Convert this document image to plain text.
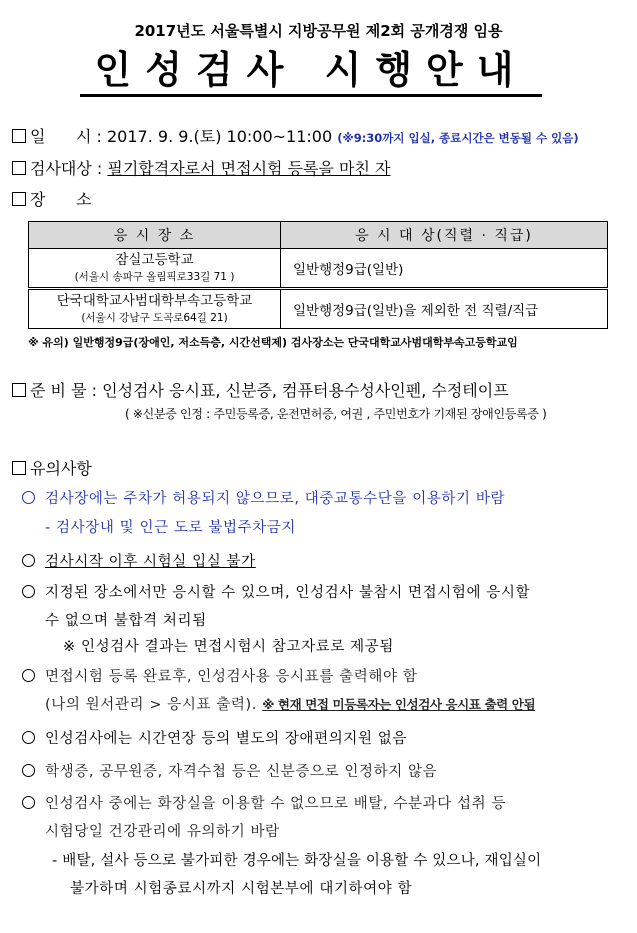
2017년도 서울특별시 지방공무원 제2회 공개경쟁 임용
인성검사 시행안내
일      시 : 2017. 9. 9.(토) 10:00~11:00 (※9:30까지 입실, 종료시간은 변동될 수 있음)
검사대상 : 필기합격자로서 면접시험 등록을 마친 자
장      소
응 시 장 소	응 시 대 상(직렬 · 직급)
잠실고등학교
(서울시 송파구 올림픽로33길 71 )	일반행정9급(일반)
단국대학교사범대학부속고등학교
(서울시 강남구 도곡로64길 21)	일반행정9급(일반)을 제외한 전 직렬/직급
※ 유의) 일반행정9급(장애인, 저소득층, 시간선택제) 검사장소는 단국대학교사범대학부속고등학교임
준 비 물 : 인성검사 응시표, 신분증, 컴퓨터용수성사인펜, 수정테이프
( ※신분증 인정 : 주민등록증, 운전면허증, 여권 , 주민번호가 기재된 장애인등록증 )
유의사항
검사장에는 주차가 허용되지 않으므로, 대중교통수단을 이용하기 바람
- 검사장내 및 인근 도로 불법주차금지
검사시작 이후 시험실 입실 불가
지정된 장소에서만 응시할 수 있으며, 인성검사 불참시 면접시험에 응시할
수 없으며 불합격 처리됨
※ 인성검사 결과는 면접시험시 참고자료로 제공됨
면접시험 등록 완료후, 인성검사용 응시표를 출력해야 함
(나의 원서관리 > 응시표 출력). ※ 현재 면접 미등록자는 인성검사 응시표 출력 안됨
인성검사에는 시간연장 등의 별도의 장애편의지원 없음
학생증, 공무원증, 자격수첩 등은 신분증으로 인정하지 않음
인성검사 중에는 화장실을 이용할 수 없으므로 배탈, 수분과다 섭취 등
시험당일 건강관리에 유의하기 바람
- 배탈, 설사 등으로 불가피한 경우에는 화장실을 이용할 수 있으나, 재입실이
불가하며 시험종료시까지 시험본부에 대기하여야 함
